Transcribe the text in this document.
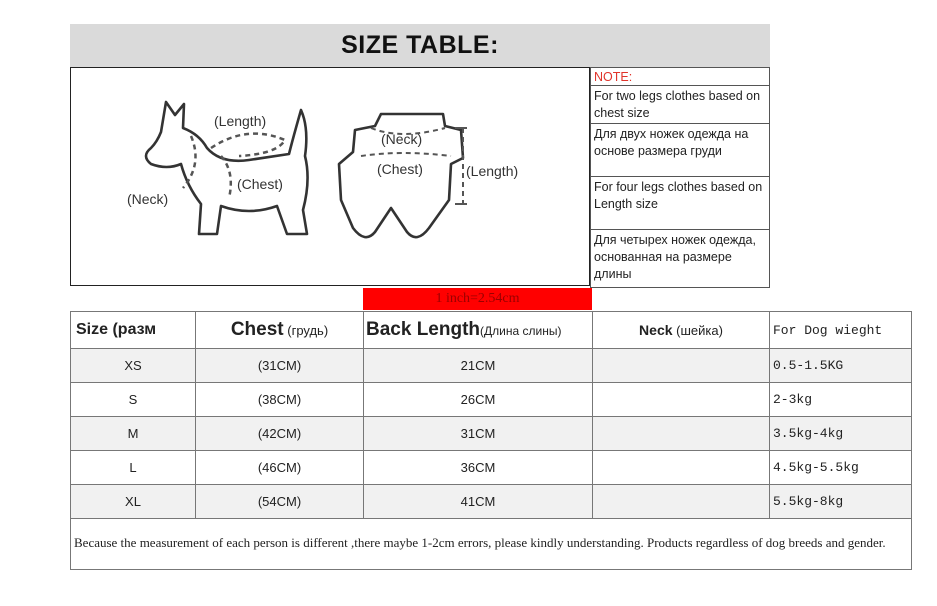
SIZE TABLE:
(Length)
(Chest)
(Neck)
(Neck)
(Chest)	(Length)
NOTE:
For two legs clothes based on chest size
Для двух ножек одежда на основе размера груди
For four legs clothes based on Length size
Для четырех ножек одежда, основанная на размере длины
1 inch=2.54cm
Size (разм	Chest (грудь)	Back Length(Длина слины)	Neck (шейка)	For Dog wieght
XS	(31CM)	21CM		0.5-1.5KG
S	(38CM)	26CM		2-3kg
M	(42CM)	31CM		3.5kg-4kg
L	(46CM)	36CM		4.5kg-5.5kg
XL	(54CM)	41CM		5.5kg-8kg
Because the measurement of each person is different ,there maybe 1-2cm errors, please kindly understanding. Products regardless of dog breeds and gender.				
